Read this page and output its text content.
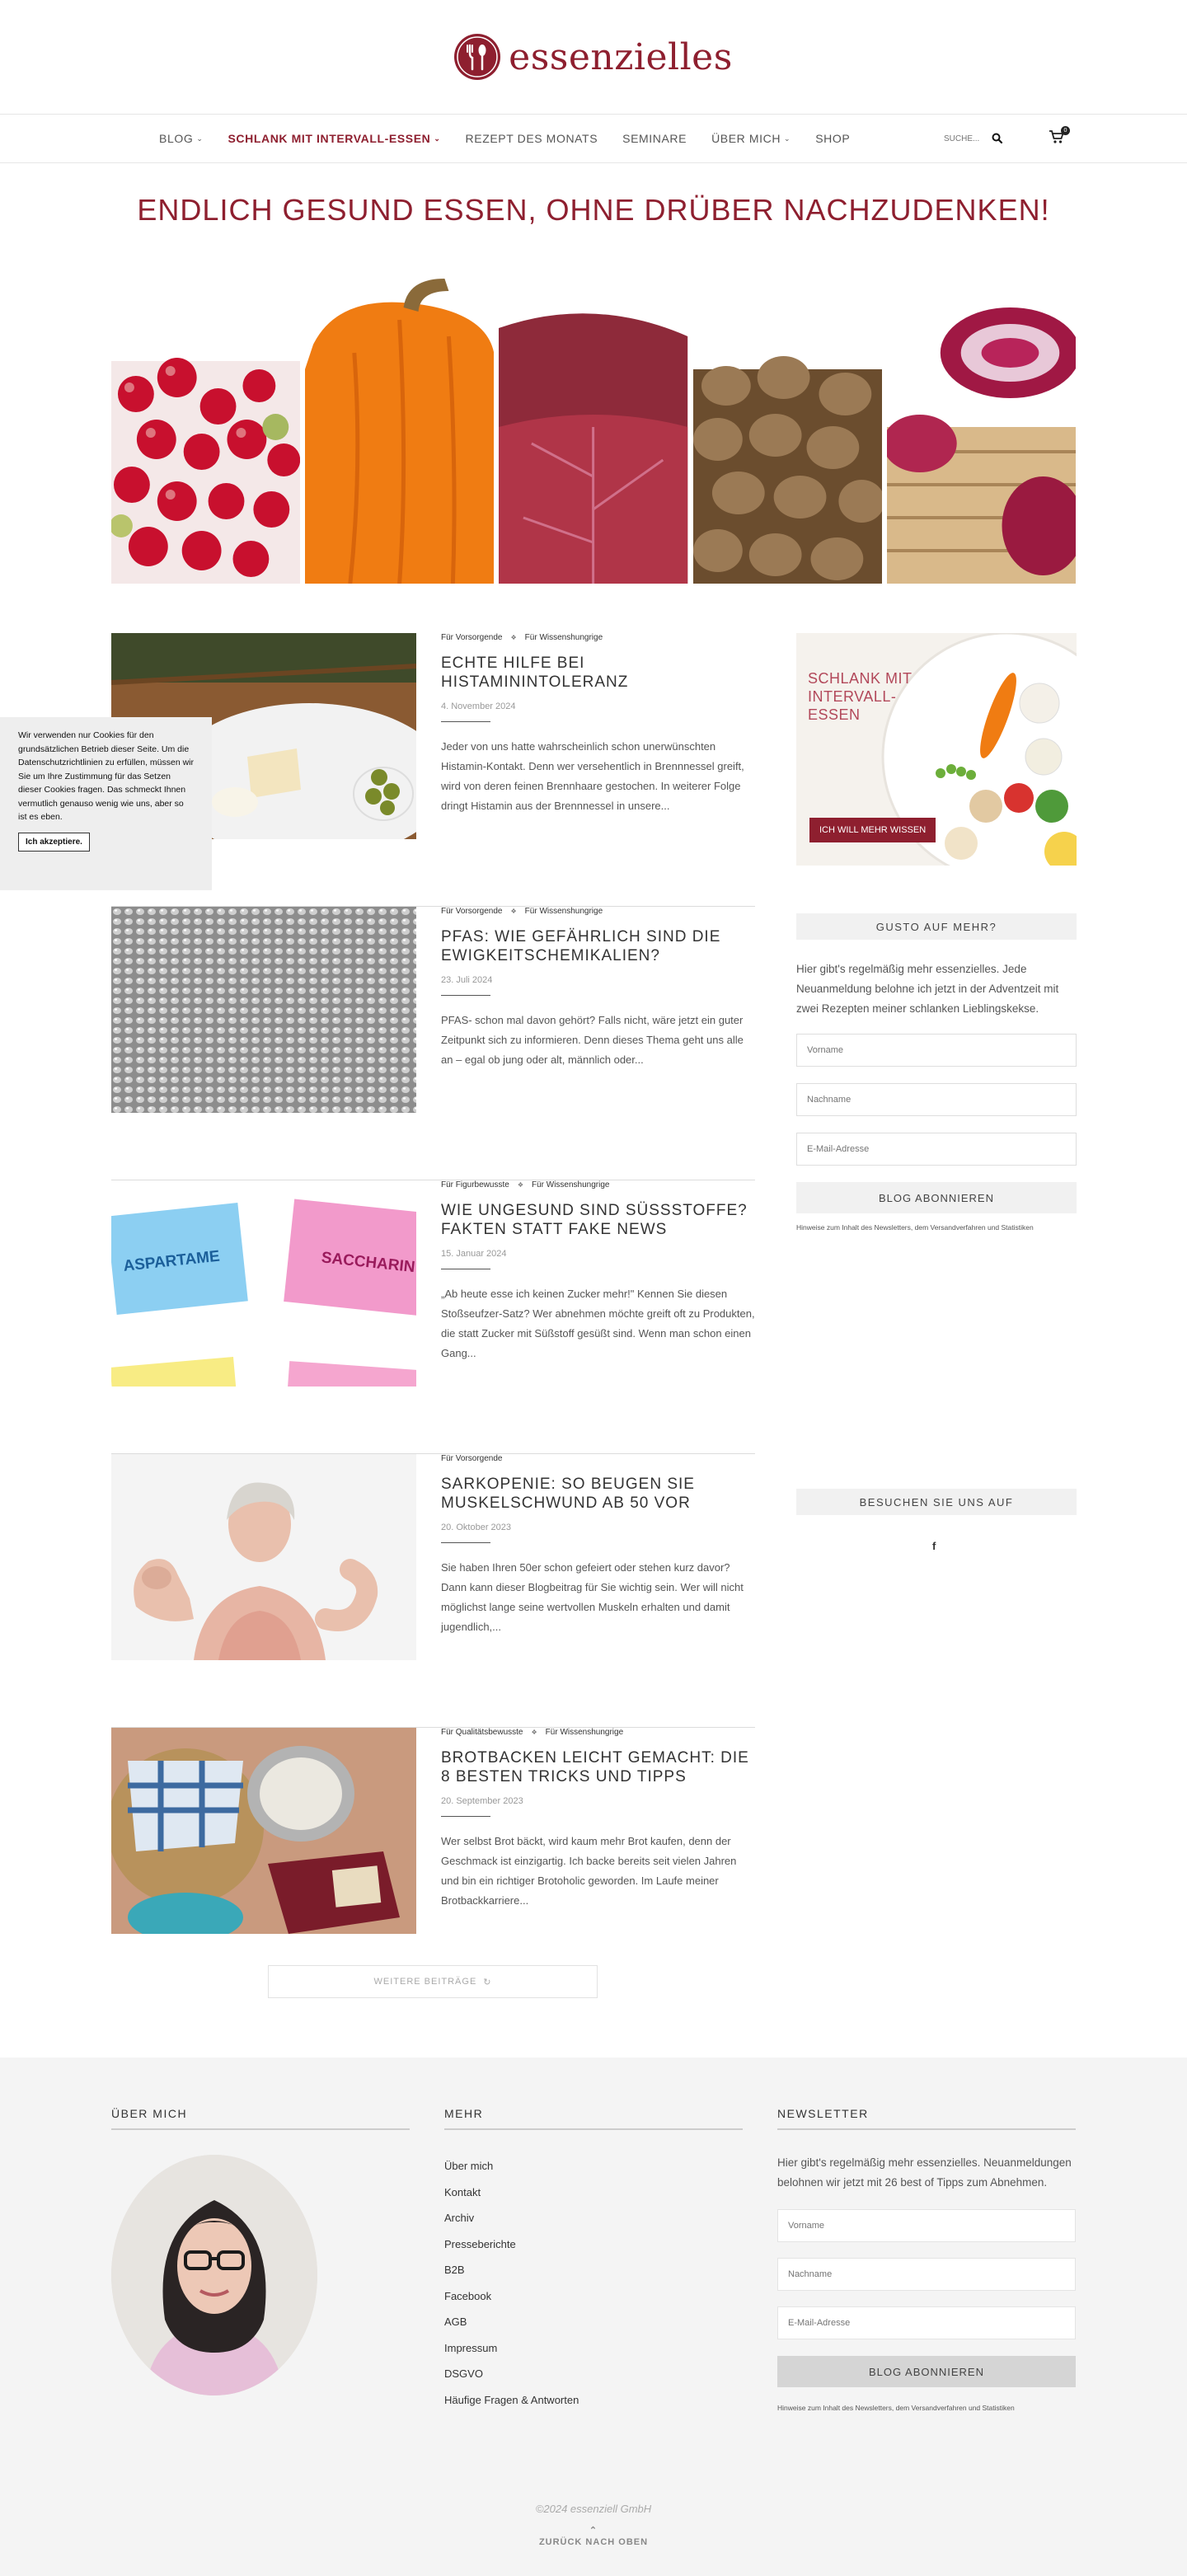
essenzielles
BLOG ⌄ SCHLANK MIT INTERVALL-ESSEN ⌄ REZEPT DES MONATS SEMINARE ÜBER MICH ⌄ SHOP
SUCHE...
0
ENDLICH GESUND ESSEN, OHNE DRÜBER NACHZUDENKEN!
Für Vorsorgende ❖ Für Wissenshungrige
ECHTE HILFE BEI HISTAMININTOLERANZ
4. November 2024

Jeder von uns hatte wahrscheinlich schon unerwünschten Histamin-Kontakt. Denn wer versehentlich in Brennnessel greift, wird von deren feinen Brennhaare gestochen. In weiterer Folge dringt Histamin aus der Brennnessel in unsere...

Für Vorsorgende ❖ Für Wissenshungrige
PFAS: WIE GEFÄHRLICH SIND DIE EWIGKEITSCHEMIKALIEN?
23. Juli 2024

PFAS- schon mal davon gehört? Falls nicht, wäre jetzt ein guter Zeitpunkt sich zu informieren. Denn dieses Thema geht uns alle an – egal ob jung oder alt, männlich oder...

ASPARTAME	SACCHARIN
Für Figurbewusste ❖ Für Wissenshungrige
WIE UNGESUND SIND SÜSSSTOFFE? FAKTEN STATT FAKE NEWS
15. Januar 2024

„Ab heute esse ich keinen Zucker mehr!" Kennen Sie diesen Stoßseufzer-Satz? Wer abnehmen möchte greift oft zu Produkten, die statt Zucker mit Süßstoff gesüßt sind. Wenn man schon einen Gang...

Für Vorsorgende
SARKOPENIE: SO BEUGEN SIE MUSKELSCHWUND AB 50 VOR
20. Oktober 2023

Sie haben Ihren 50er schon gefeiert oder stehen kurz davor? Dann kann dieser Blogbeitrag für Sie wichtig sein. Wer will nicht möglichst lange seine wertvollen Muskeln erhalten und damit jugendlich,...

Für Qualitätsbewusste ❖ Für Wissenshungrige
BROTBACKEN LEICHT GEMACHT: DIE 8 BESTEN TRICKS UND TIPPS
20. September 2023

Wer selbst Brot bäckt, wird kaum mehr Brot kaufen, denn der Geschmack ist einzigartig. Ich backe bereits seit vielen Jahren und bin ein richtiger Brotoholic geworden. Im Laufe meiner Brotbackkarriere...

WEITERE BEITRÄGE ↻
SCHLANK MIT INTERVALL-ESSEN
ICH WILL MEHR WISSEN
GUSTO AUF MEHR?

Hier gibt's regelmäßig mehr essenzielles. Jede Neuanmeldung belohne ich jetzt in der Adventzeit mit zwei Rezepten meiner schlanken Lieblingskekse.

Vorname Nachname E-Mail-Adresse BLOG ABONNIEREN

Hinweise zum Inhalt des Newsletters, dem Versandverfahren und Statistiken

BESUCHEN SIE UNS AUF
f

Wir verwenden nur Cookies für den grundsätzlichen Betrieb dieser Seite. Um die Datenschutzrichtlinien zu erfüllen, müssen wir Sie um Ihre Zustimmung für das Setzen dieser Cookies fragen. Das schmeckt Ihnen vermutlich genauso wenig wie uns, aber so ist es eben.

Ich akzeptiere.
ÜBER MICH	MEHR
Über mich
Kontakt
Archiv
Presseberichte
B2B
Facebook
AGB
Impressum
DSGVO
Häufige Fragen & Antworten
NEWSLETTER

Hier gibt's regelmäßig mehr essenzielles. Neuanmeldungen belohnen wir jetzt mit 26 best of Tipps zum Abnehmen.

Vorname Nachname E-Mail-Adresse BLOG ABONNIEREN

Hinweise zum Inhalt des Newsletters, dem Versandverfahren und Statistiken

©2024 essenziell GmbH
⌃
ZURÜCK NACH OBEN
